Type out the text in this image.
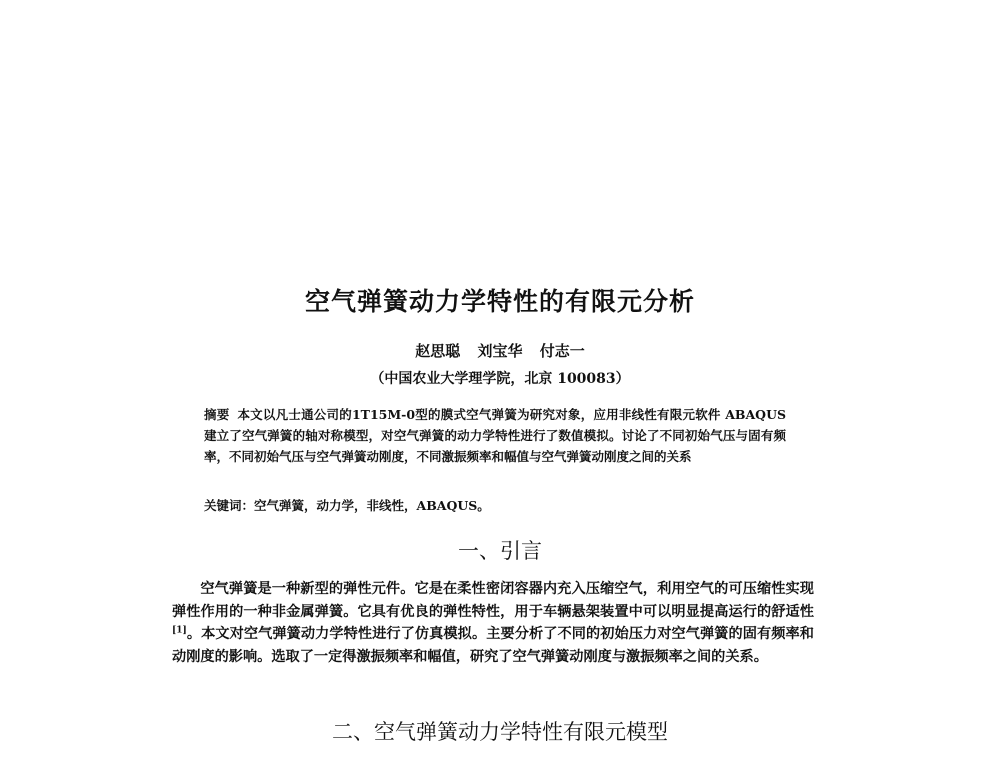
空气弹簧动力学特性的有限元分析
赵思聪 刘宝华 付志一
（中国农业大学理学院，北京 100083）
摘要 本文以凡士通公司的1T15M-0型的膜式空气弹簧为研究对象，应用非线性有限元软件 ABAQUS 建立了空气弹簧的轴对称模型，对空气弹簧的动力学特性进行了数值模拟。讨论了不同初始气压与固有频率，不同初始气压与空气弹簧动刚度，不同激振频率和幅值与空气弹簧动刚度之间的关系
关键词：空气弹簧，动力学，非线性，ABAQUS。
一、引言
空气弹簧是一种新型的弹性元件。它是在柔性密闭容器内充入压缩空气，利用空气的可压缩性实现弹性作用的一种非金属弹簧。它具有优良的弹性特性，用于车辆悬架装置中可以明显提高运行的舒适性[1]。本文对空气弹簧动力学特性进行了仿真模拟。主要分析了不同的初始压力对空气弹簧的固有频率和动刚度的影响。选取了一定得激振频率和幅值，研究了空气弹簧动刚度与激振频率之间的关系。
二、空气弹簧动力学特性有限元模型
